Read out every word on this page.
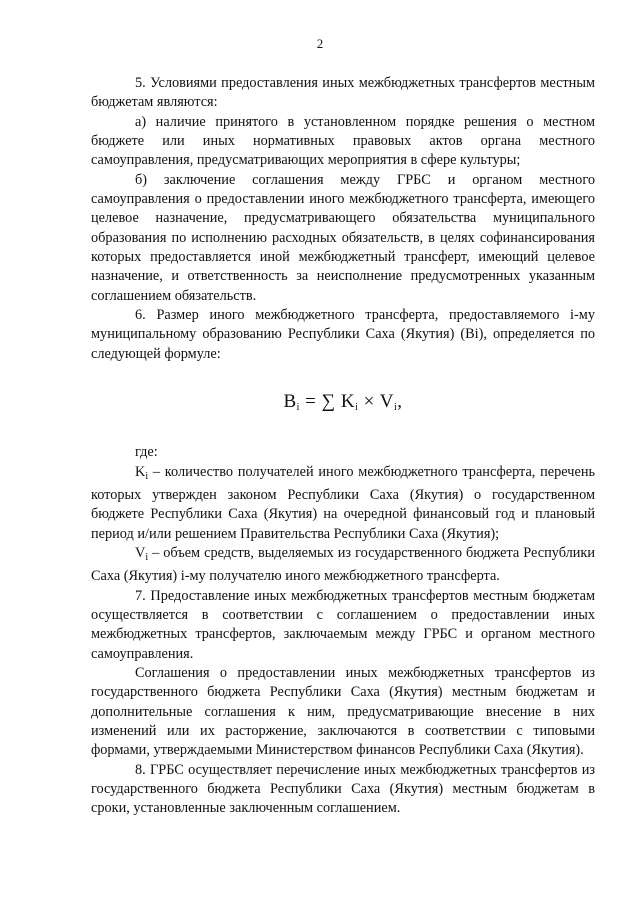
2

5. Условиями предоставления иных межбюджетных трансфертов местным бюджетам являются:

а) наличие принятого в установленном порядке решения о местном бюджете или иных нормативных правовых актов органа местного самоуправления, предусматривающих мероприятия в сфере культуры;

б) заключение соглашения между ГРБС и органом местного самоуправления о предоставлении иного межбюджетного трансферта, имеющего целевое назначение, предусматривающего обязательства муниципального образования по исполнению расходных обязательств, в целях софинансирования которых предоставляется иной межбюджетный трансферт, имеющий целевое назначение, и ответственность за неисполнение предусмотренных указанным соглашением обязательств.

6. Размер иного межбюджетного трансферта, предоставляемого i-му муниципальному образованию Республики Саха (Якутия) (Bi), определяется по следующей формуле:

$B_i$ = ∑ $K_i \times V_i$,

где:

$K_i$ – количество получателей иного межбюджетного трансферта, перечень которых утвержден законом Республики Саха (Якутия) о государственном бюджете Республики Саха (Якутия) на очередной финансовый год и плановый период и/или решением Правительства Республики Саха (Якутия);

$V_i$ – объем средств, выделяемых из государственного бюджета Республики Саха (Якутия) i-му получателю иного межбюджетного трансферта.

7. Предоставление иных межбюджетных трансфертов местным бюджетам осуществляется в соответствии с соглашением о предоставлении иных межбюджетных трансфертов, заключаемым между ГРБС и органом местного самоуправления.

Соглашения о предоставлении иных межбюджетных трансфертов из государственного бюджета Республики Саха (Якутия) местным бюджетам и дополнительные соглашения к ним, предусматривающие внесение в них изменений или их расторжение, заключаются в соответствии с типовыми формами, утверждаемыми Министерством финансов Республики Саха (Якутия).

8. ГРБС осуществляет перечисление иных межбюджетных трансфертов из государственного бюджета Республики Саха (Якутия) местным бюджетам в сроки, установленные заключенным соглашением.
